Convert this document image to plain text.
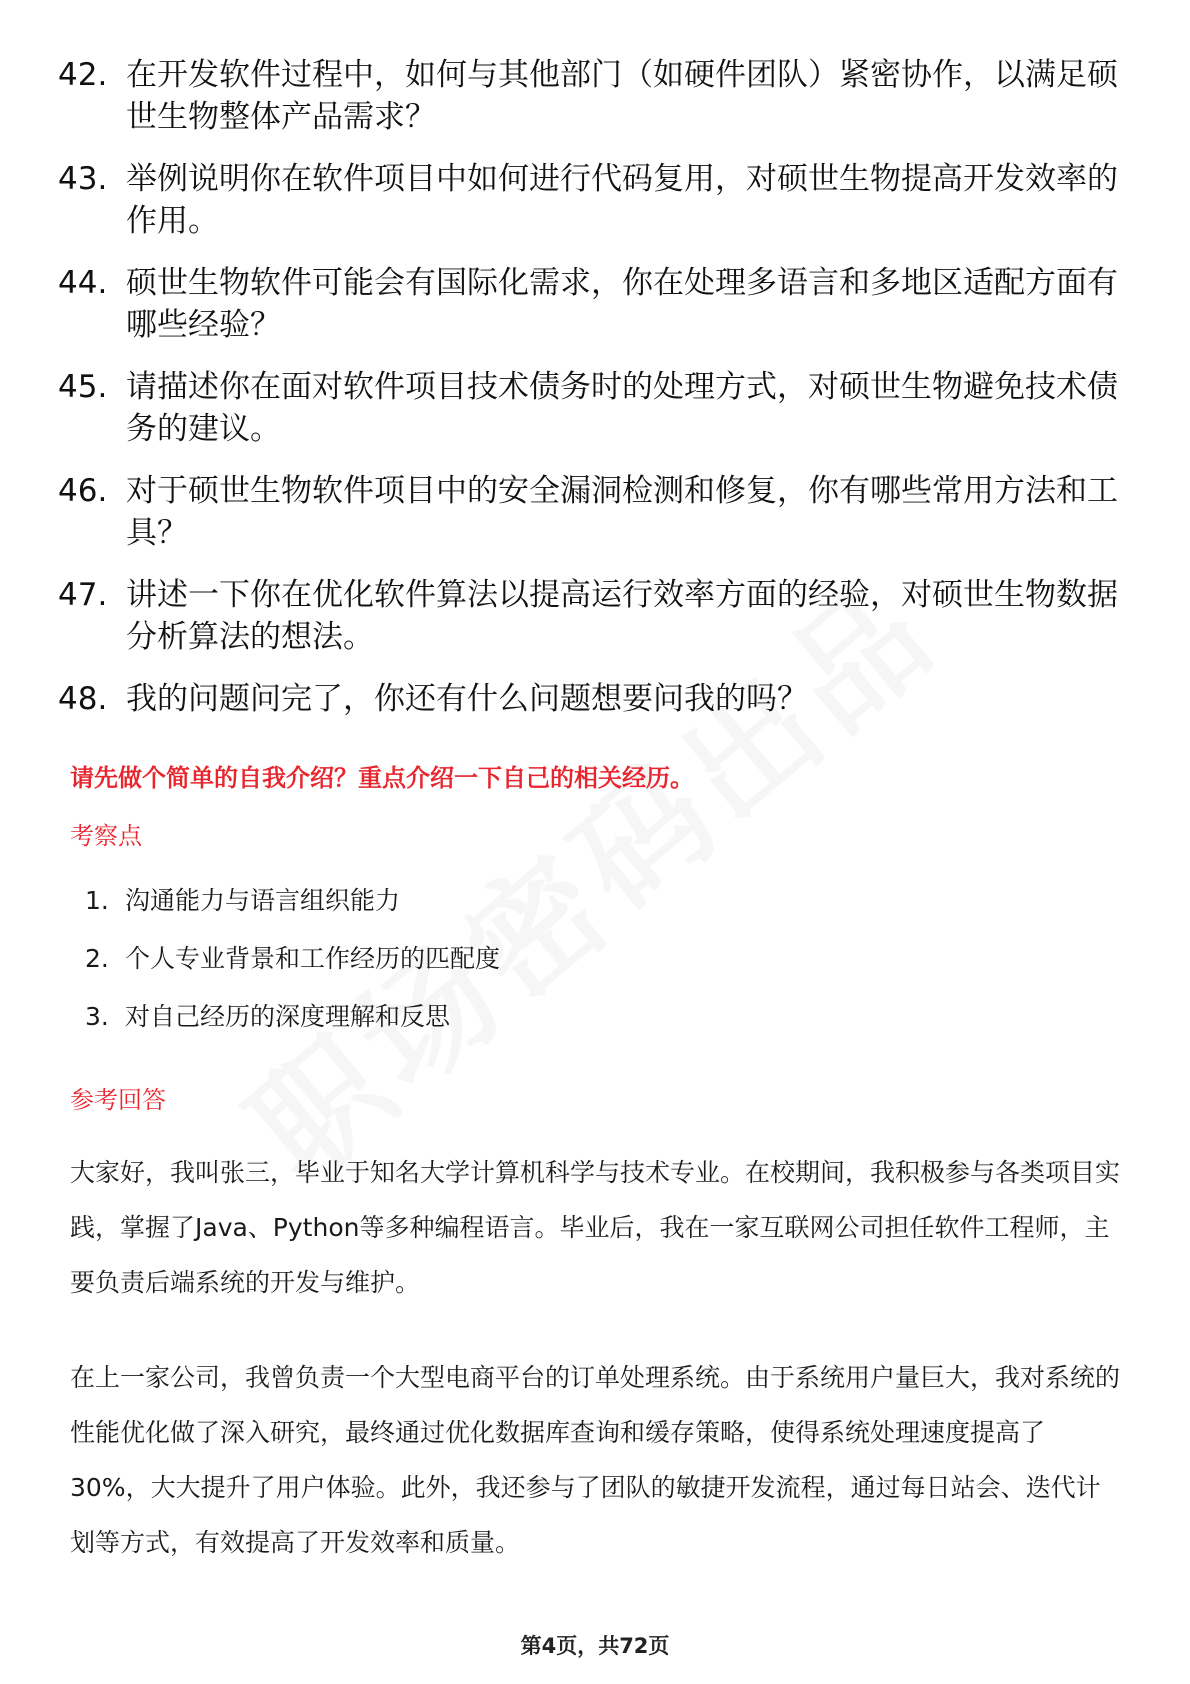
42. 在开发软件过程中，如何与其他部门（如硬件团队）紧密协作，以满足硕世生物整体产品需求？
43. 举例说明你在软件项目中如何进行代码复用，对硕世生物提高开发效率的作用。
44. 硕世生物软件可能会有国际化需求，你在处理多语言和多地区适配方面有哪些经验？
45. 请描述你在面对软件项目技术债务时的处理方式，对硕世生物避免技术债务的建议。
46. 对于硕世生物软件项目中的安全漏洞检测和修复，你有哪些常用方法和工具？
47. 讲述一下你在优化软件算法以提高运行效率方面的经验，对硕世生物数据分析算法的想法。
48. 我的问题问完了，你还有什么问题想要问我的吗？
请先做个简单的自我介绍？重点介绍一下自己的相关经历。
考察点
1. 沟通能力与语言组织能力
2. 个人专业背景和工作经历的匹配度
3. 对自己经历的深度理解和反思
参考回答

大家好，我叫张三，毕业于知名大学计算机科学与技术专业。在校期间，我积极参与各类项目实践，掌握了Java、Python等多种编程语言。毕业后，我在一家互联网公司担任软件工程师，主要负责后端系统的开发与维护。

在上一家公司，我曾负责一个大型电商平台的订单处理系统。由于系统用户量巨大，我对系统的性能优化做了深入研究，最终通过优化数据库查询和缓存策略，使得系统处理速度提高了30%，大大提升了用户体验。此外，我还参与了团队的敏捷开发流程，通过每日站会、迭代计划等方式，有效提高了开发效率和质量。

第4页，共72页
